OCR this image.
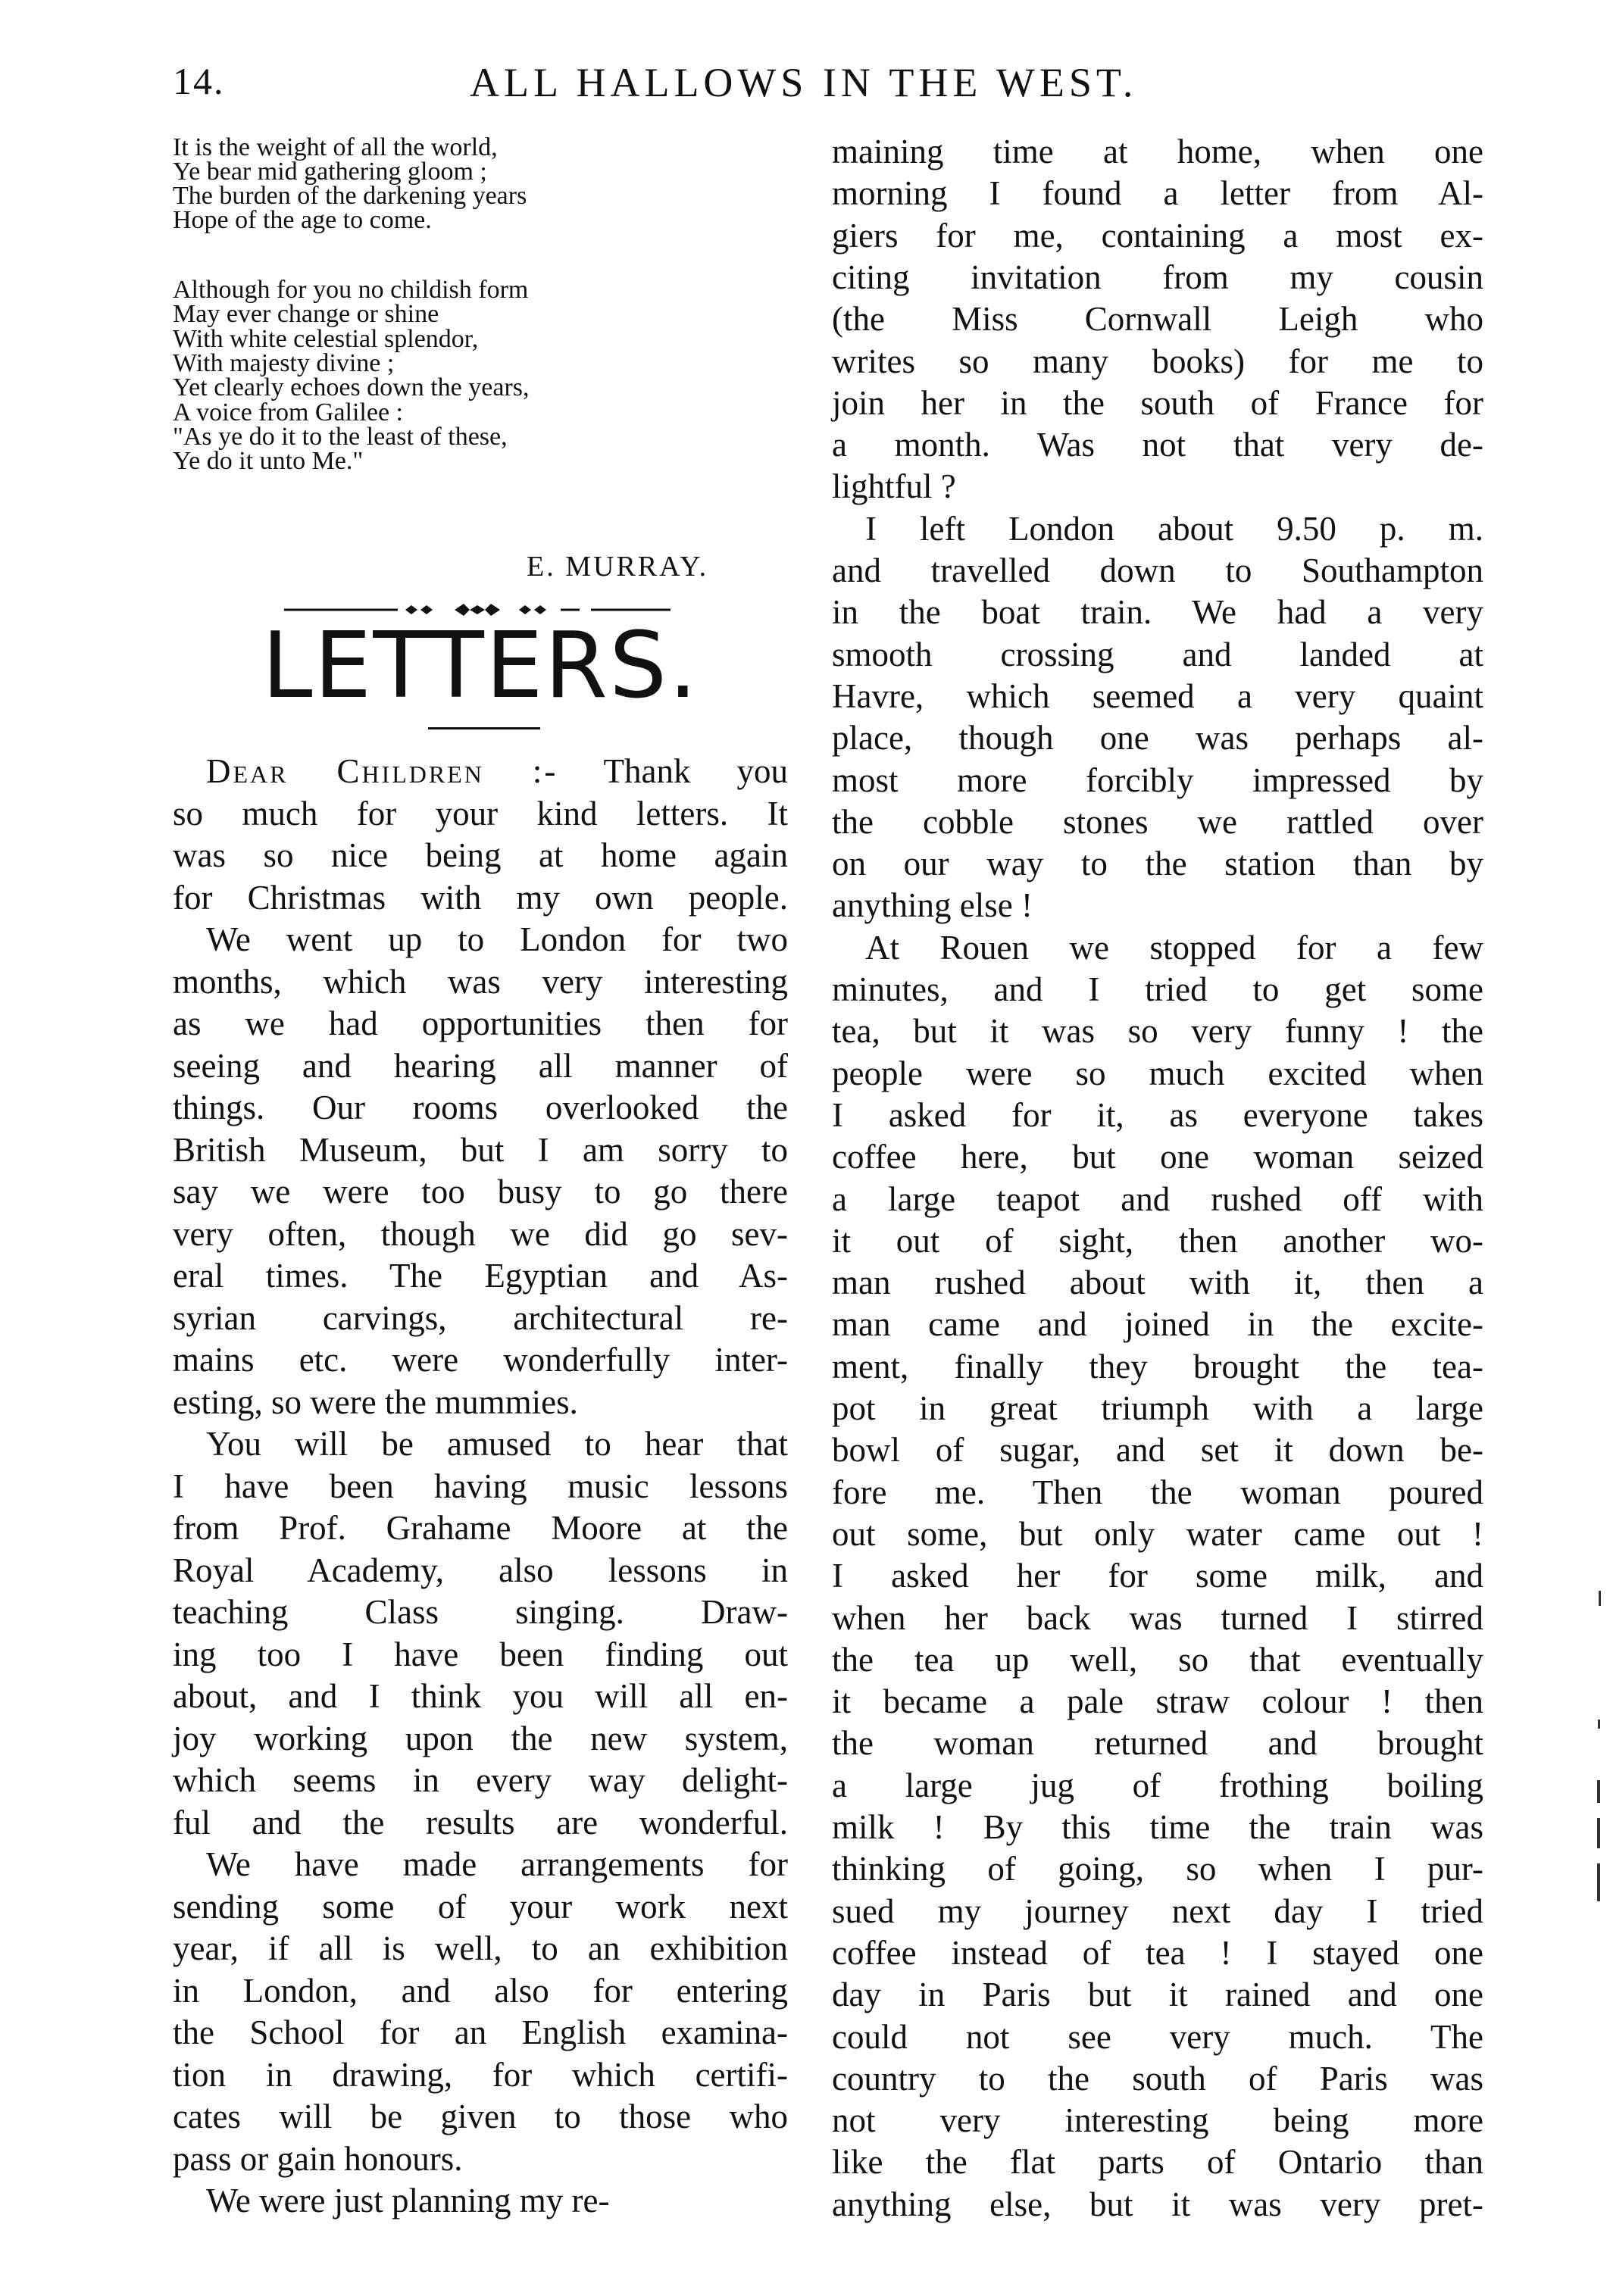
14.	ALL HALLOWS IN THE WEST.
It is the weight of all the world,
Ye bear mid gathering gloom ;
The burden of the darkening years
Hope of the age to come.
Although for you no childish form
May ever change or shine
With white celestial splendor,
With majesty divine ;
Yet clearly echoes down the years,
A voice from Galilee :
"As ye do it to the least of these,
Ye do it unto Me."
Dear Children :- Thank you
so much for your kind letters. It
was so nice being at home again
for Christmas with my own people.
We went up to London for two
months, which was very interesting
as we had opportunities then for
seeing and hearing all manner of
things. Our rooms overlooked the
British Museum, but I am sorry to
say we were too busy to go there
very often, though we did go sev-
eral times. The Egyptian and As-
syrian carvings, architectural re-
mains etc. were wonderfully inter-
esting, so were the mummies.
You will be amused to hear that
I have been having music lessons
from Prof. Grahame Moore at the
Royal Academy, also lessons in
teaching Class singing. Draw-
ing too I have been finding out
about, and I think you will all en-
joy working upon the new system,
which seems in every way delight-
ful and the results are wonderful.
We have made arrangements for
sending some of your work next
year, if all is well, to an exhibition
in London, and also for entering
the School for an English examina-
tion in drawing, for which certifi-
cates will be given to those who
pass or gain honours.
We were just planning my re-
E. MURRAY.
LETTERS.
maining time at home, when one
morning I found a letter from Al-
giers for me, containing a most ex-
citing invitation from my cousin
(the Miss Cornwall Leigh who
writes so many books) for me to
join her in the south of France for
a month. Was not that very de-
lightful ?
I left London about 9.50 p. m.
and travelled down to Southampton
in the boat train. We had a very
smooth crossing and landed at
Havre, which seemed a very quaint
place, though one was perhaps al-
most more forcibly impressed by
the cobble stones we rattled over
on our way to the station than by
anything else !
At Rouen we stopped for a few
minutes, and I tried to get some
tea, but it was so very funny ! the
people were so much excited when
I asked for it, as everyone takes
coffee here, but one woman seized
a large teapot and rushed off with
it out of sight, then another wo-
man rushed about with it, then a
man came and joined in the excite-
ment, finally they brought the tea-
pot in great triumph with a large
bowl of sugar, and set it down be-
fore me. Then the woman poured
out some, but only water came out !
I asked her for some milk, and
when her back was turned I stirred
the tea up well, so that eventually
it became a pale straw colour ! then
the woman returned and brought
a large jug of frothing boiling
milk ! By this time the train was
thinking of going, so when I pur-
sued my journey next day I tried
coffee instead of tea ! I stayed one
day in Paris but it rained and one
could not see very much. The
country to the south of Paris was
not very interesting being more
like the flat parts of Ontario than
anything else, but it was very pret-
